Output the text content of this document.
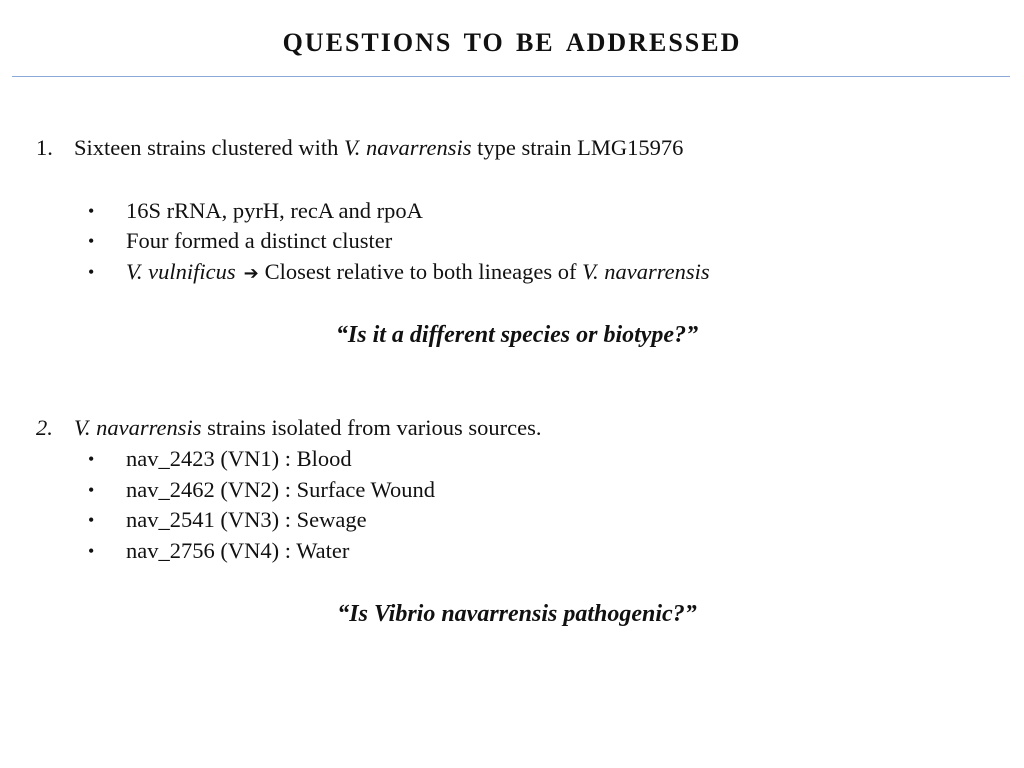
questions to be addressed
1. Sixteen strains clustered with V. navarrensis type strain LMG15976
• 16S rRNA, pyrH, recA and rpoA
• Four formed a distinct cluster
• V. vulnificus ➔ Closest relative to both lineages of V. navarrensis
“Is it a different species or biotype?”
2. V. navarrensis strains isolated from various sources.
• nav_2423 (VN1) : Blood
• nav_2462 (VN2) : Surface Wound
• nav_2541 (VN3) : Sewage
• nav_2756 (VN4) : Water
“Is Vibrio navarrensis pathogenic?”
